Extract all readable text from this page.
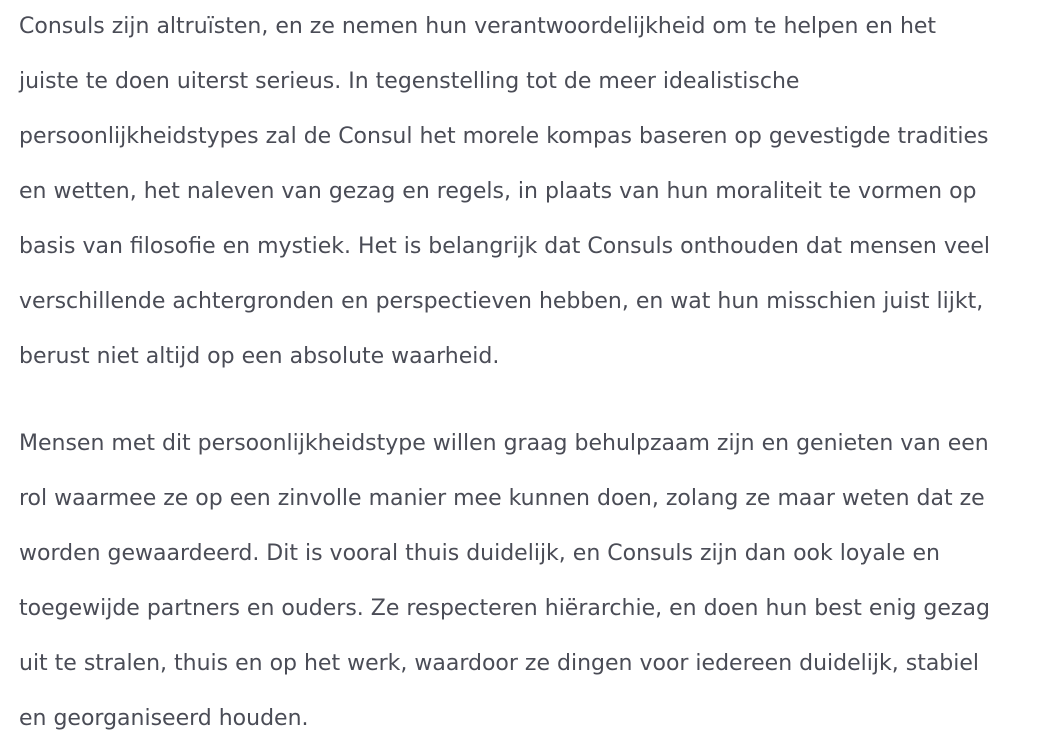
Consuls zijn altruïsten, en ze nemen hun verantwoordelijkheid om te helpen en het
juiste te doen uiterst serieus. In tegenstelling tot de meer idealistische
persoonlijkheidstypes zal de Consul het morele kompas baseren op gevestigde tradities
en wetten, het naleven van gezag en regels, in plaats van hun moraliteit te vormen op
basis van filosofie en mystiek. Het is belangrijk dat Consuls onthouden dat mensen veel
verschillende achtergronden en perspectieven hebben, en wat hun misschien juist lijkt,
berust niet altijd op een absolute waarheid.
Mensen met dit persoonlijkheidstype willen graag behulpzaam zijn en genieten van een
rol waarmee ze op een zinvolle manier mee kunnen doen, zolang ze maar weten dat ze
worden gewaardeerd. Dit is vooral thuis duidelijk, en Consuls zijn dan ook loyale en
toegewijde partners en ouders. Ze respecteren hiërarchie, en doen hun best enig gezag
uit te stralen, thuis en op het werk, waardoor ze dingen voor iedereen duidelijk, stabiel
en georganiseerd houden.
